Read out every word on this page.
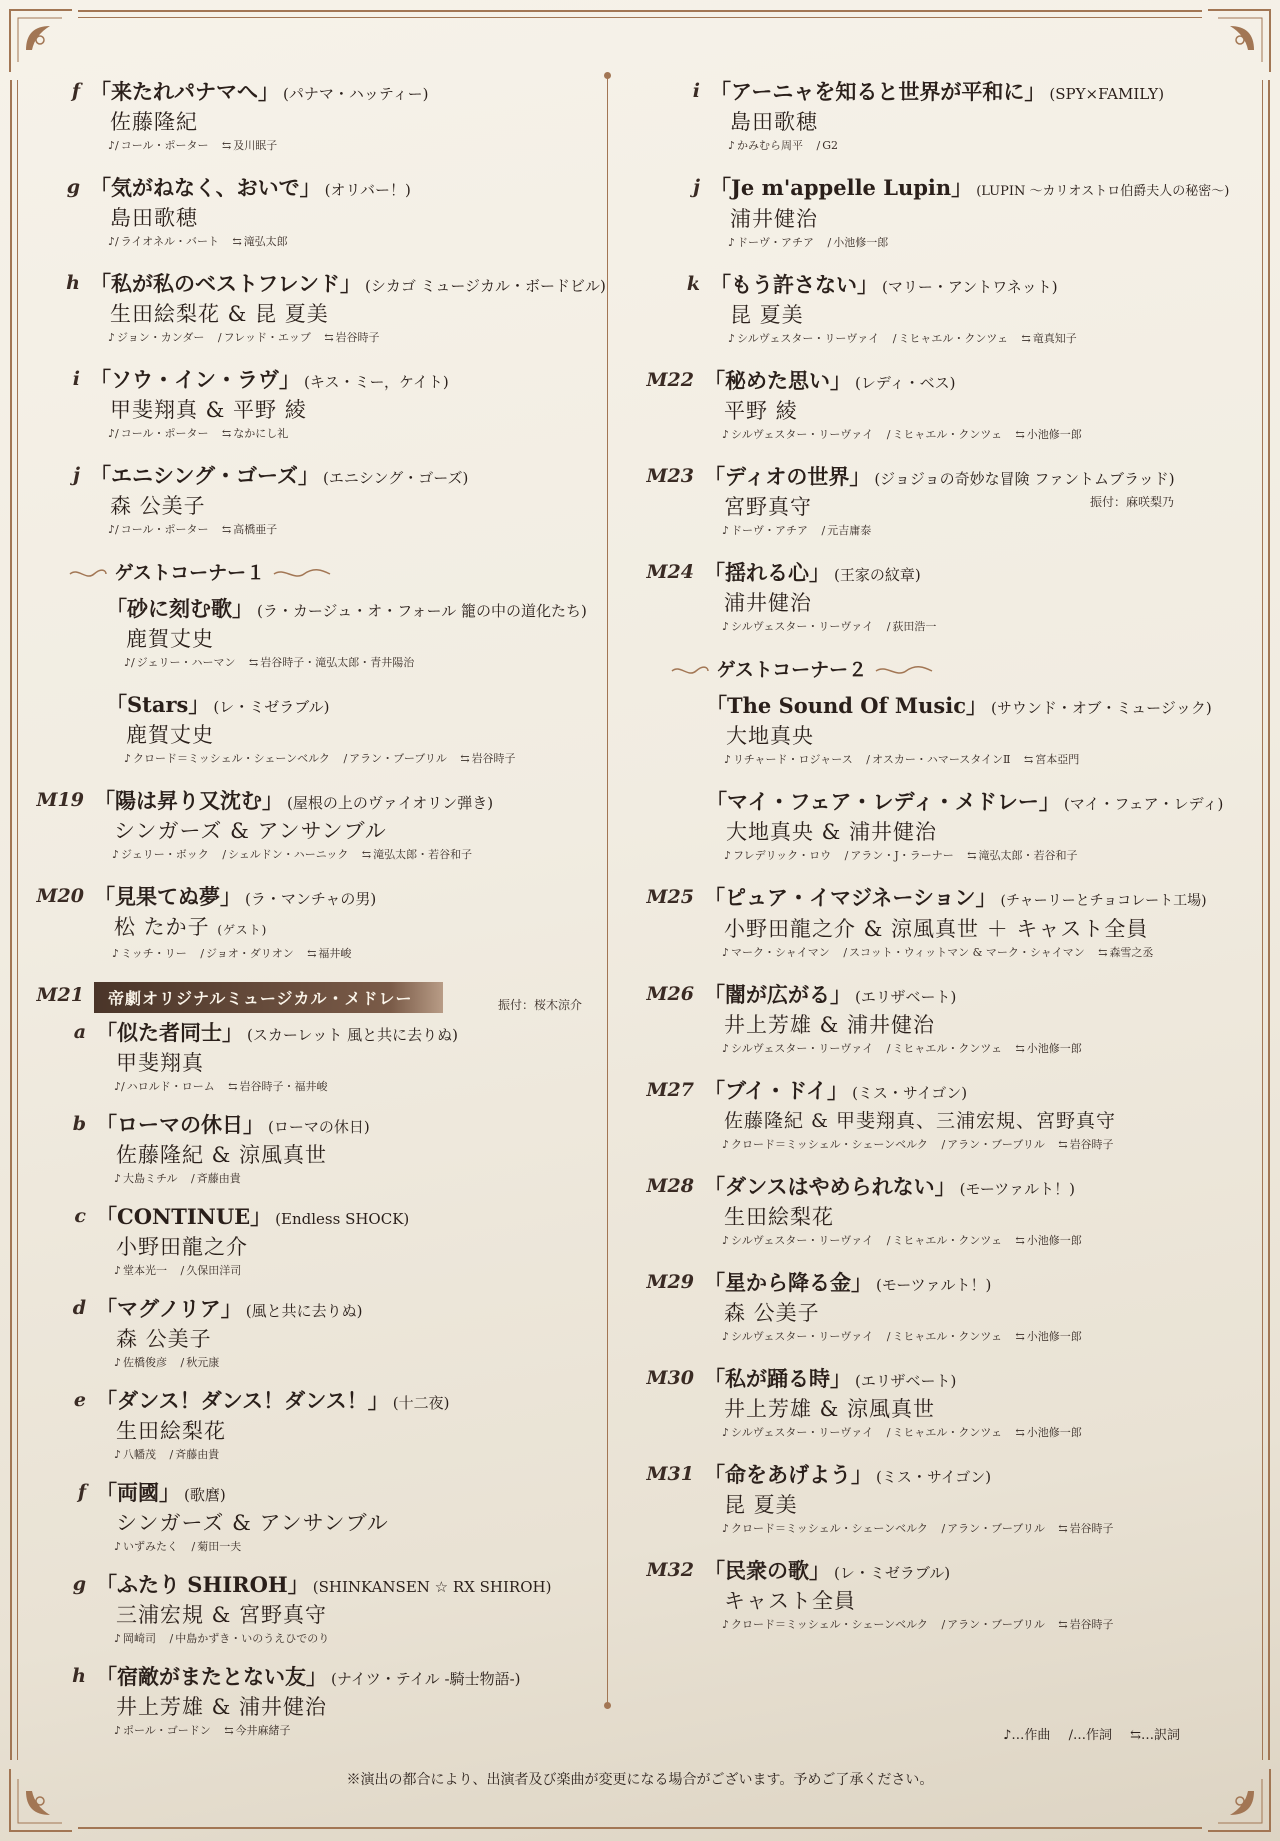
f 「来たれパナマへ」 (パナマ・ハッティー)
佐藤隆紀
♪/ コール・ポーター ⇆ 及川眠子
g 「気がねなく、おいで」 (オリバー！)
島田歌穂
♪/ ライオネル・バート ⇆ 滝弘太郎
h 「私が私のベストフレンド」 (シカゴ ミュージカル・ボードビル)
生田絵梨花 & 昆 夏美
♪ ジョン・カンダー / フレッド・エッブ ⇆ 岩谷時子
i 「ソウ・イン・ラヴ」 (キス・ミー，ケイト)
甲斐翔真 & 平野 綾
♪/ コール・ポーター ⇆ なかにし礼
j 「エニシング・ゴーズ」 (エニシング・ゴーズ)
森 公美子
♪/ コール・ポーター ⇆ 高橋亜子
ゲストコーナー１
「砂に刻む歌」 (ラ・カージュ・オ・フォール 籠の中の道化たち)
鹿賀丈史
♪/ ジェリー・ハーマン ⇆ 岩谷時子・滝弘太郎・青井陽治
「Stars」 (レ・ミゼラブル)
鹿賀丈史
♪ クロード＝ミッシェル・シェーンベルク / アラン・ブーブリル ⇆ 岩谷時子
M19 「陽は昇り又沈む」 (屋根の上のヴァイオリン弾き)
シンガーズ & アンサンブル
♪ ジェリー・ボック / シェルドン・ハーニック ⇆ 滝弘太郎・若谷和子
M20 「見果てぬ夢」 (ラ・マンチャの男)
松 たか子 (ゲスト)
♪ ミッチ・リー / ジョオ・ダリオン ⇆ 福井峻
M21 帝劇オリジナルミュージカル・メドレー	振付：桜木涼介
a 「似た者同士」 (スカーレット 風と共に去りぬ)
甲斐翔真
♪/ ハロルド・ローム ⇆ 岩谷時子・福井峻
b 「ローマの休日」 (ローマの休日)
佐藤隆紀 & 涼風真世
♪ 大島ミチル / 斉藤由貴
c 「CONTINUE」 (Endless SHOCK)
小野田龍之介
♪ 堂本光一 / 久保田洋司
d 「マグノリア」 (風と共に去りぬ)
森 公美子
♪ 佐橋俊彦 / 秋元康
e 「ダンス！ダンス！ダンス！」 (十二夜)
生田絵梨花
♪ 八幡茂 / 斉藤由貴
f 「両國」 (歌麿)
シンガーズ & アンサンブル
♪ いずみたく / 菊田一夫
g 「ふたり SHIROH」 (SHINKANSEN ☆ RX SHIROH)
三浦宏規 & 宮野真守
♪ 岡崎司 / 中島かずき・いのうえひでのり
h 「宿敵がまたとない友」 (ナイツ・テイル -騎士物語-)
井上芳雄 & 浦井健治
♪ ポール・ゴードン ⇆ 今井麻緒子
i 「アーニャを知ると世界が平和に」 (SPY×FAMILY)
島田歌穂
♪ かみむら周平 / G2
j 「Je m'appelle Lupin」 (LUPIN 〜カリオストロ伯爵夫人の秘密〜)
浦井健治
♪ ドーヴ・アチア / 小池修一郎
k 「もう許さない」 (マリー・アントワネット)
昆 夏美
♪ シルヴェスター・リーヴァイ / ミヒャエル・クンツェ ⇆ 竜真知子
M22 「秘めた思い」 (レディ・ベス)
平野 綾
♪ シルヴェスター・リーヴァイ / ミヒャエル・クンツェ ⇆ 小池修一郎
M23 「ディオの世界」 (ジョジョの奇妙な冒険 ファントムブラッド)
宮野真守	振付：麻咲梨乃
♪ ドーヴ・アチア / 元吉庸泰
M24 「揺れる心」 (王家の紋章)
浦井健治
♪ シルヴェスター・リーヴァイ / 荻田浩一
ゲストコーナー２
「The Sound Of Music」 (サウンド・オブ・ミュージック)
大地真央
♪ リチャード・ロジャース / オスカー・ハマースタインⅡ ⇆ 宮本亞門
「マイ・フェア・レディ・メドレー」 (マイ・フェア・レディ)
大地真央 & 浦井健治
♪ フレデリック・ロウ / アラン・J・ラーナー ⇆ 滝弘太郎・若谷和子
M25 「ピュア・イマジネーション」 (チャーリーとチョコレート工場)
小野田龍之介 & 涼風真世 ＋ キャスト全員
♪ マーク・シャイマン / スコット・ウィットマン & マーク・シャイマン ⇆ 森雪之丞
M26 「闇が広がる」 (エリザベート)
井上芳雄 & 浦井健治
♪ シルヴェスター・リーヴァイ / ミヒャエル・クンツェ ⇆ 小池修一郎
M27 「ブイ・ドイ」 (ミス・サイゴン)
佐藤隆紀 & 甲斐翔真、三浦宏規、宮野真守
♪ クロード＝ミッシェル・シェーンベルク / アラン・ブーブリル ⇆ 岩谷時子
M28 「ダンスはやめられない」 (モーツァルト！)
生田絵梨花
♪ シルヴェスター・リーヴァイ / ミヒャエル・クンツェ ⇆ 小池修一郎
M29 「星から降る金」 (モーツァルト！)
森 公美子
♪ シルヴェスター・リーヴァイ / ミヒャエル・クンツェ ⇆ 小池修一郎
M30 「私が踊る時」 (エリザベート)
井上芳雄 & 涼風真世
♪ シルヴェスター・リーヴァイ / ミヒャエル・クンツェ ⇆ 小池修一郎
M31 「命をあげよう」 (ミス・サイゴン)
昆 夏美
♪ クロード＝ミッシェル・シェーンベルク / アラン・ブーブリル ⇆ 岩谷時子
M32 「民衆の歌」 (レ・ミゼラブル)
キャスト全員
♪ クロード＝ミッシェル・シェーンベルク / アラン・ブーブリル ⇆ 岩谷時子
♪…作曲 /…作詞 ⇆…訳詞
※演出の都合により、出演者及び楽曲が変更になる場合がございます。予めご了承ください。
